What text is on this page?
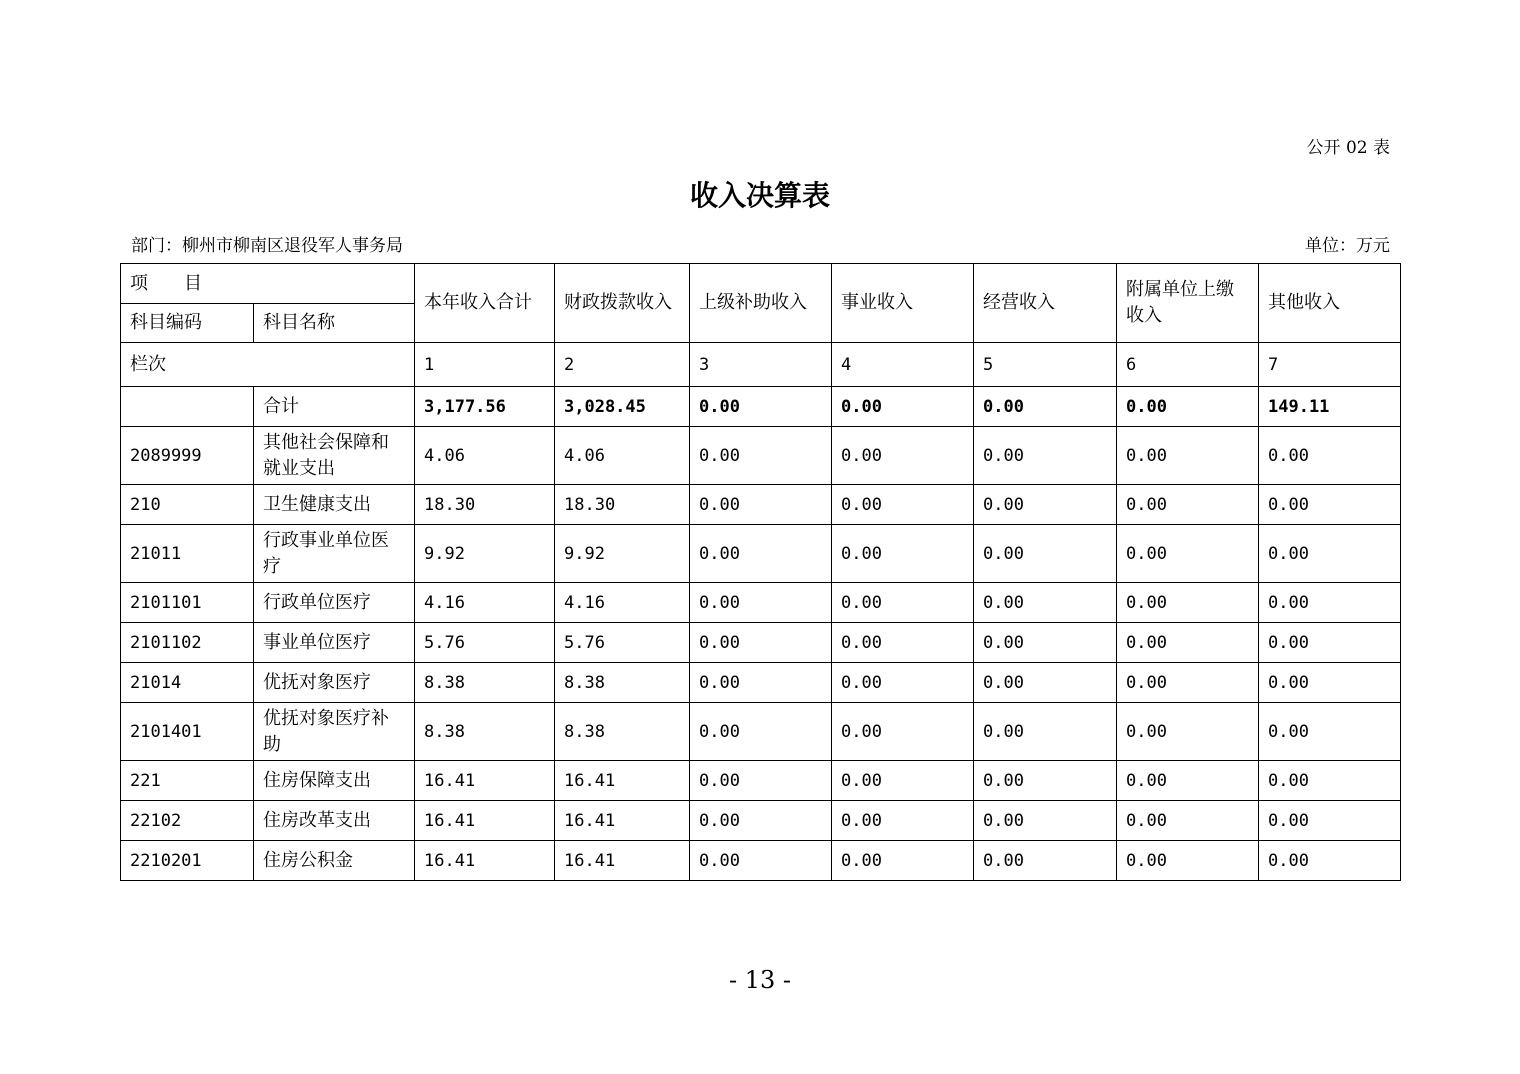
公开 02 表
收入决算表
部门：柳州市柳南区退役军人事务局	单位：万元
项　　目		本年收入合计	财政拨款收入	上级补助收入	事业收入	经营收入	附属单位上缴收入	其他收入
科目编码	科目名称							
栏次		1	2	3	4	5	6	7
	合计	3,177.56	3,028.45	0.00	0.00	0.00	0.00	149.11
2089999	其他社会保障和就业支出	4.06	4.06	0.00	0.00	0.00	0.00	0.00
210	卫生健康支出	18.30	18.30	0.00	0.00	0.00	0.00	0.00
21011	行政事业单位医疗	9.92	9.92	0.00	0.00	0.00	0.00	0.00
2101101	行政单位医疗	4.16	4.16	0.00	0.00	0.00	0.00	0.00
2101102	事业单位医疗	5.76	5.76	0.00	0.00	0.00	0.00	0.00
21014	优抚对象医疗	8.38	8.38	0.00	0.00	0.00	0.00	0.00
2101401	优抚对象医疗补助	8.38	8.38	0.00	0.00	0.00	0.00	0.00
221	住房保障支出	16.41	16.41	0.00	0.00	0.00	0.00	0.00
22102	住房改革支出	16.41	16.41	0.00	0.00	0.00	0.00	0.00
2210201	住房公积金	16.41	16.41	0.00	0.00	0.00	0.00	0.00
- 13 -
